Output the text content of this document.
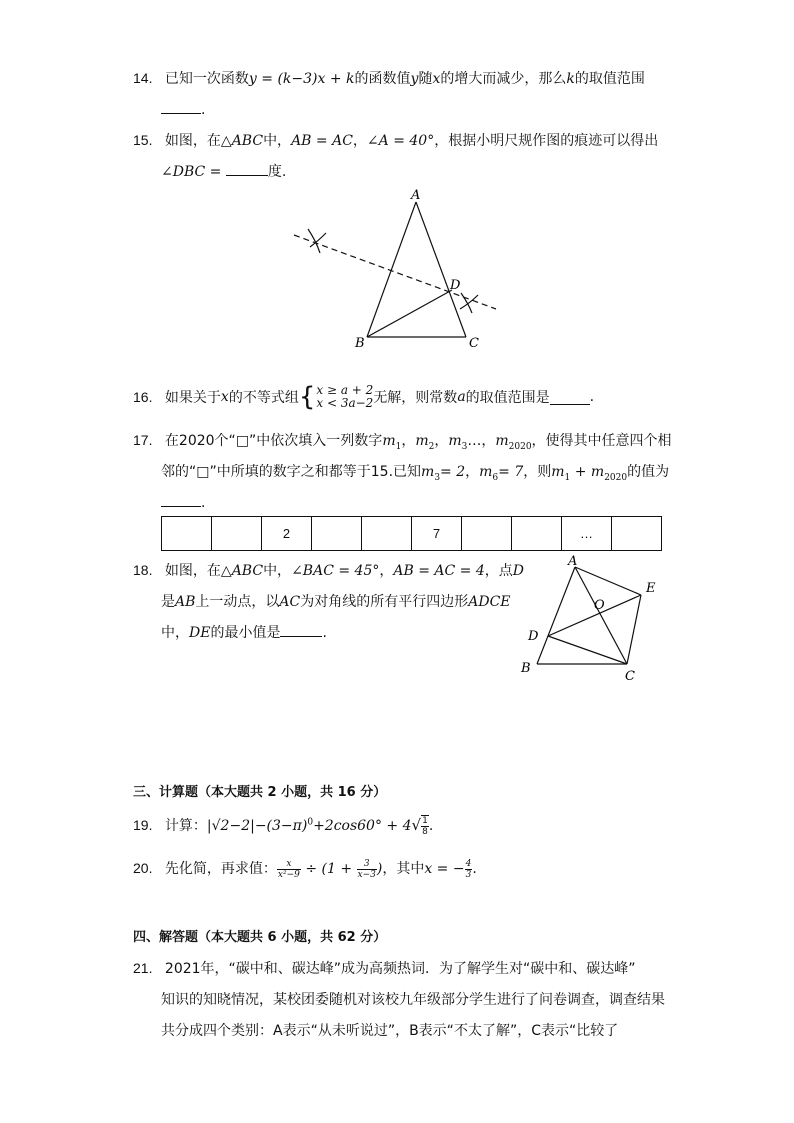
14. 已知一次函数y = (k−3)x + k的函数值y随x的增大而减少，那么k的取值范围
.
15. 如图，在△ABC中，AB = AC，∠A = 40°，根据小明尺规作图的痕迹可以得出
∠DBC =	度.
A
B	C
D
16. 如果关于x的不等式组{ x ≥ a + 2
x < 3a−2 无解，则常数a的取值范围是	.
17. 在2020个“□”中依次填入一列数字$m_1$，$m_2$，$m_3\dots$，$m_{2020}$，使得其中任意四个相
邻的“□”中所填的数字之和都等于15.已知$m_3= 2$，$m_6= 7$，则$m_1 + m_{2020}$的值为
.
		2			7			…	
18. 如图，在△ABC中，∠BAC = 45°，AB = AC = 4，点D
是AB上一动点，以AC为对角线的所有平行四边形ADCE
中，DE的最小值是	.
A
B
C
D
E
O
三、计算题（本大题共 2 小题，共 16 分）
19. 计算：$|√2-2|-(3-\pi)^0+2\cos 60^\circ + 4√ \frac{1}{8}$ .
20. 先化简，再求值： $\frac{x}{\text{x²−9}} \div (1 + \frac{3}{x-3}$ )，其中x = − $\frac{4}{3}$ .
四、解答题（本大题共 6 小题，共 62 分）
21. 2021年，“碳中和、碳达峰”成为高频热词．为了解学生对“碳中和、碳达峰”
知识的知晓情况，某校团委随机对该校九年级部分学生进行了问卷调查，调查结果
共分成四个类别：A表示“从未听说过”，B表示“不太了解”，C表示“比较了
